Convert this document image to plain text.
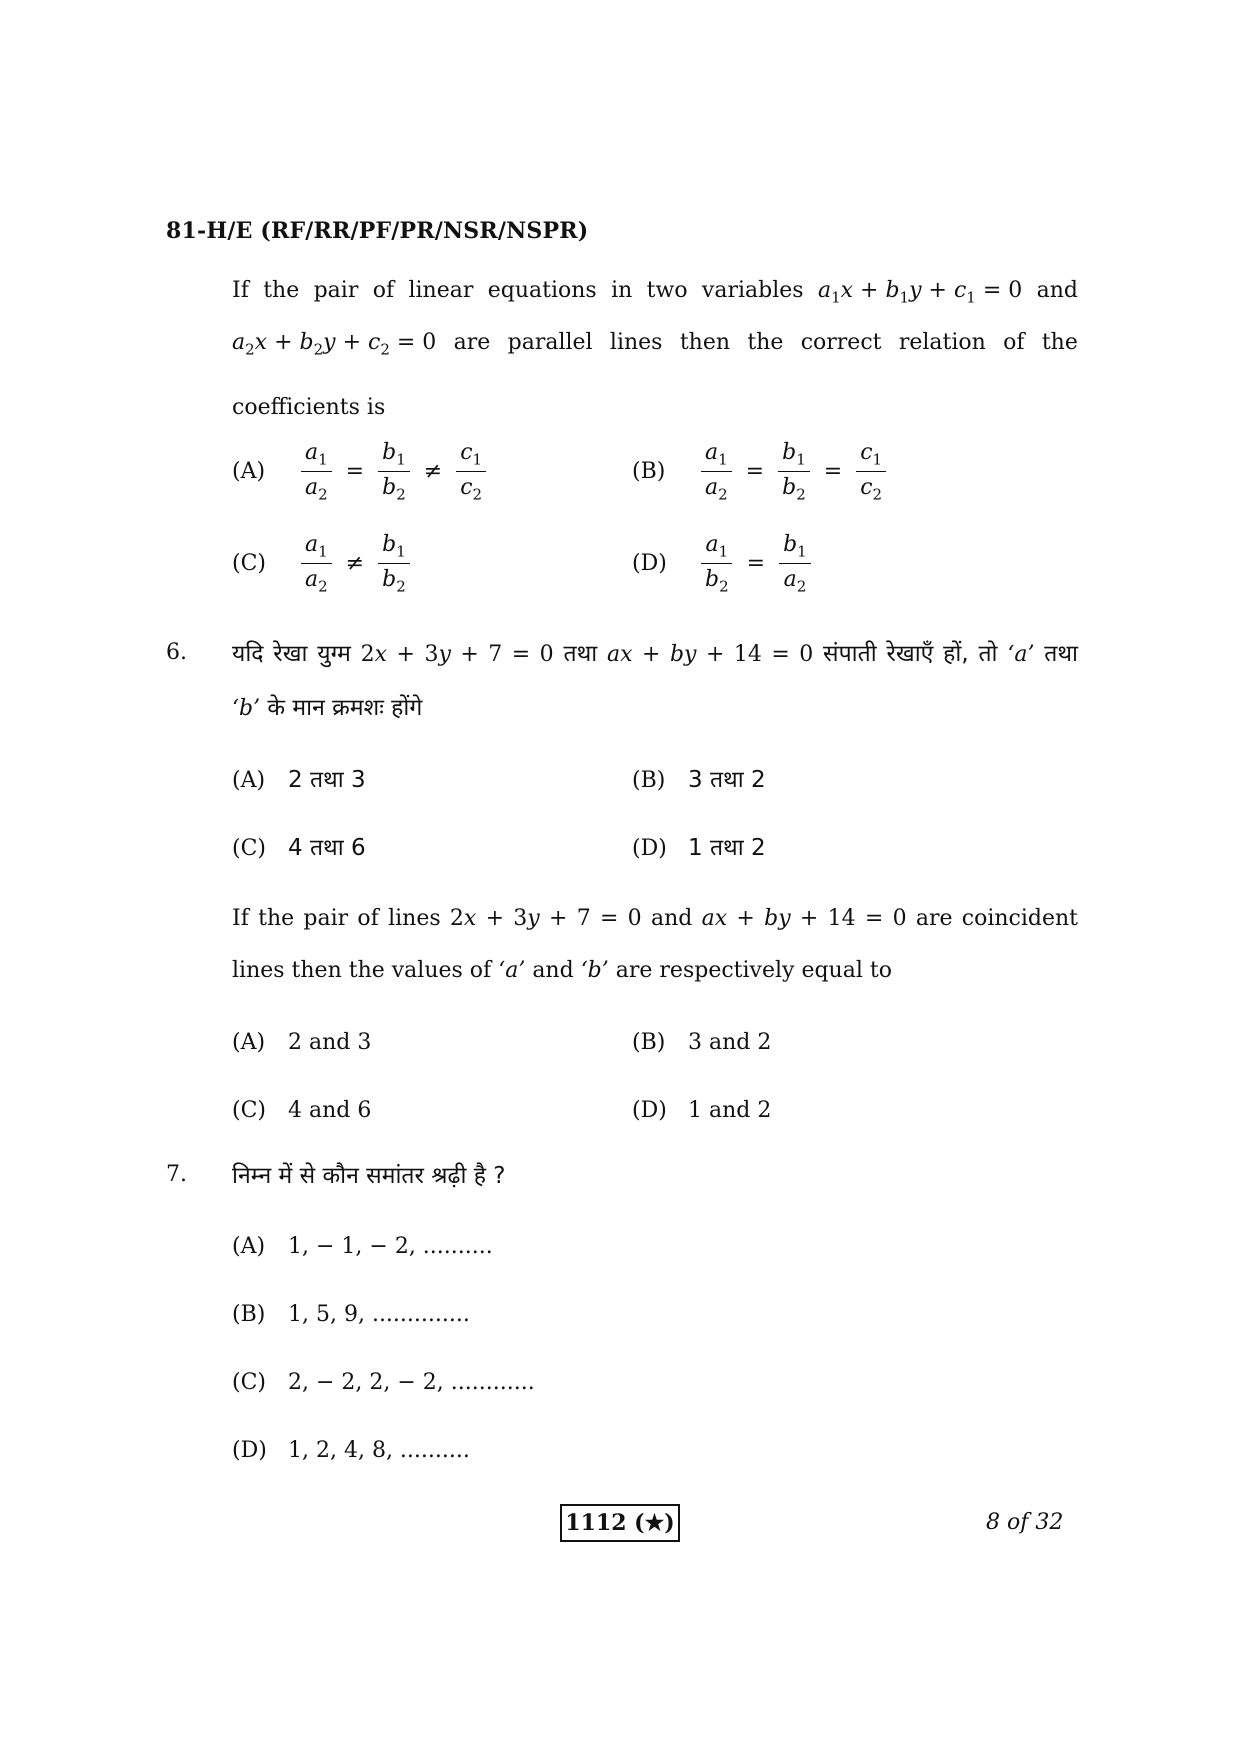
81-H/E (RF/RR/PF/PR/NSR/NSPR)
If the pair of linear equations in two variables $a_1x + b_1y + c_1 = 0$ and
$a_2x + b_2y + c_2 = 0$ are parallel lines then the correct relation of the
coefficients is
$(A) \frac{a_1}{a_2} = \frac{b_1}{b_2} \ne \frac{c_1}{c_2}$	$(B) \frac{a_1}{a_2} = \frac{b_1}{b_2} = \frac{c_1}{c_2}$
$(C) \frac{a_1}{a_2} \ne \frac{b_1}{b_2}$	$(D) \frac{a_1}{b_2} = \frac{b_1}{a_2}$
6. यदि रेखा युग्म 2x + 3y + 7 = 0 तथा ax + by + 14 = 0 संपाती रेखाएँ हों, तो ‘a’ तथा
‘b’ के मान क्रमशः होंगे
(A) 2 तथा 3	(B) 3 तथा 2
(C) 4 तथा 6	(D) 1 तथा 2
If the pair of lines 2x + 3y + 7 = 0 and ax + by + 14 = 0 are coincident
lines then the values of ‘a’ and ‘b’ are respectively equal to
(A) 2 and 3	(B) 3 and 2
(C) 4 and 6	(D) 1 and 2
7. निम्न में से कौन समांतर श्रढ़ी है ?
(A) 1, − 1, − 2, ..........
(B) 1, 5, 9, ..............
(C) 2, − 2, 2, − 2, ............
(D) 1, 2, 4, 8, ..........
1112 (★)	8 of 32
